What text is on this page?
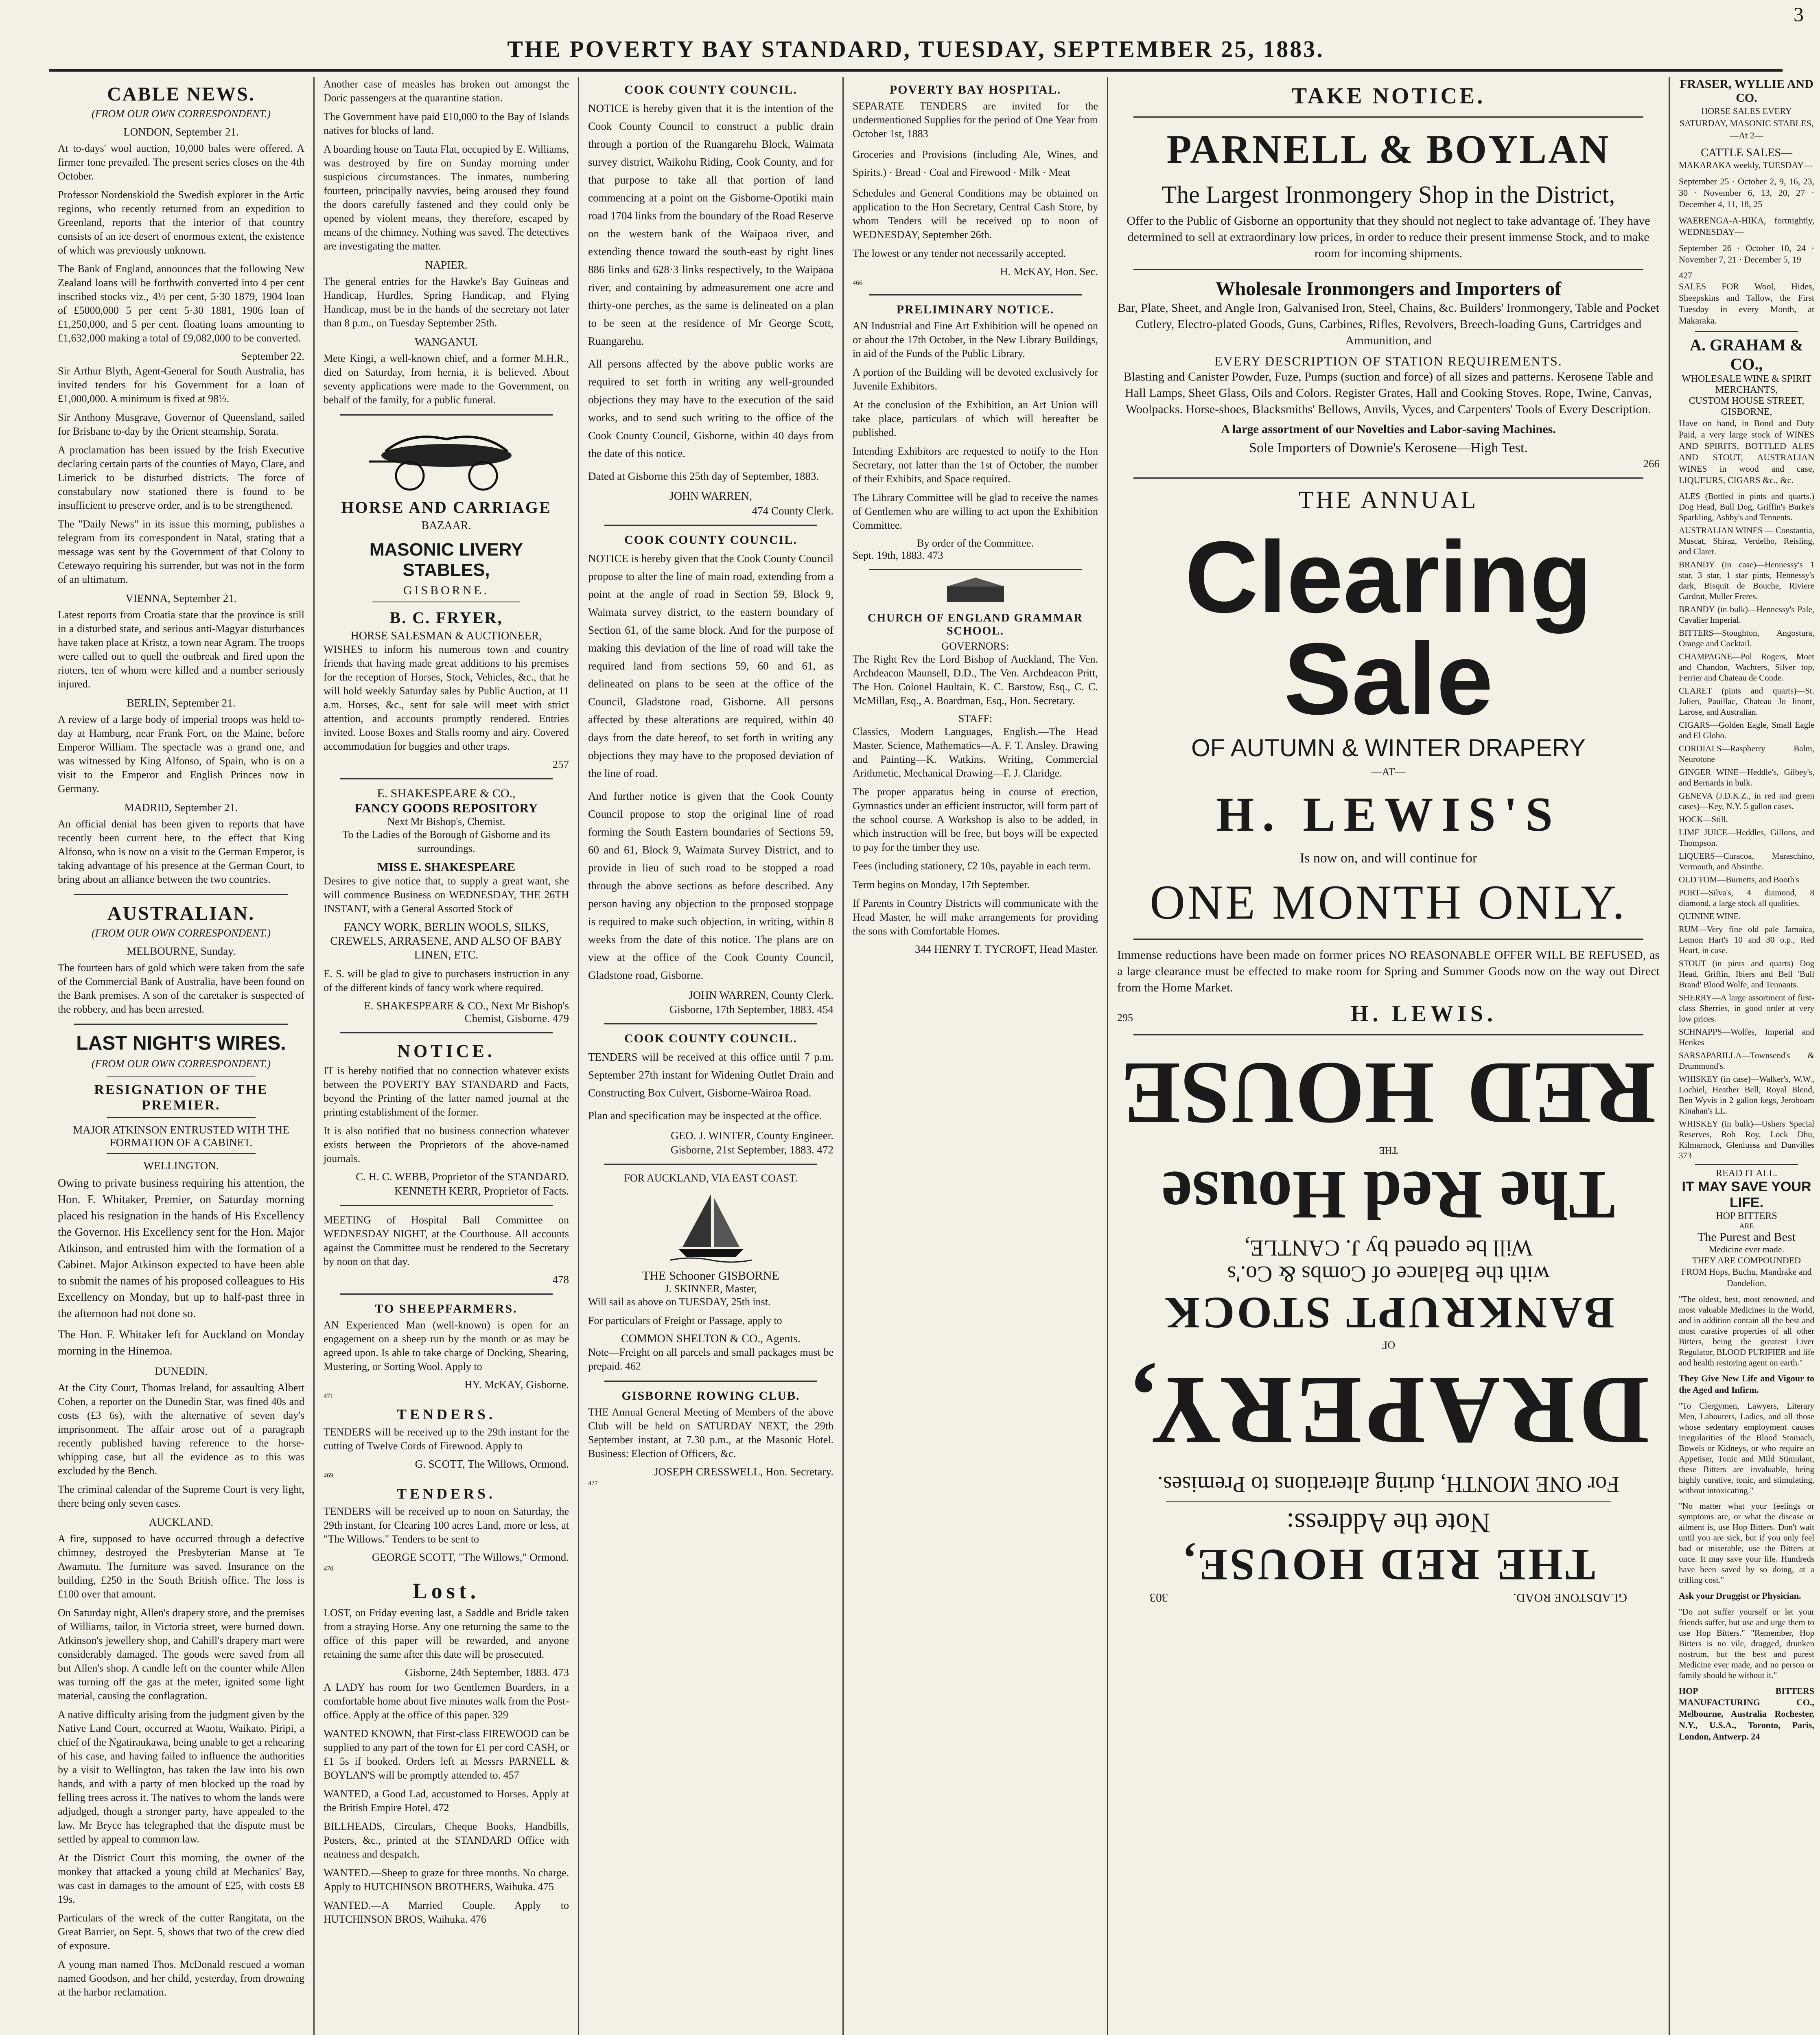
3
THE POVERTY BAY STANDARD, TUESDAY, SEPTEMBER 25, 1883.
CABLE NEWS.
(FROM OUR OWN CORRESPONDENT.)
LONDON, September 21.

At to-days' wool auction, 10,000 bales were offered. A firmer tone prevailed. The present series closes on the 4th October.

Professor Nordenskiold the Swedish explorer in the Artic regions, who recently returned from an expedition to Greenland, reports that the interior of that country consists of an ice desert of enormous extent, the existence of which was previously unknown.

The Bank of England, announces that the following New Zealand loans will be forthwith converted into 4 per cent inscribed stocks viz., 4½ per cent, 5·30 1879, 1904 loan of £5000,000 5 per cent 5·30 1881, 1906 loan of £1,250,000, and 5 per cent. floating loans amounting to £1,632,000 making a total of £9,082,000 to be converted.

September 22.

Sir Arthur Blyth, Agent-General for South Australia, has invited tenders for his Government for a loan of £1,000,000. A minimum is fixed at 98½.

Sir Anthony Musgrave, Governor of Queensland, sailed for Brisbane to-day by the Orient steamship, Sorata.

A proclamation has been issued by the Irish Executive declaring certain parts of the counties of Mayo, Clare, and Limerick to be disturbed districts. The force of constabulary now stationed there is found to be insufficient to preserve order, and is to be strengthened.

The "Daily News" in its issue this morning, publishes a telegram from its correspondent in Natal, stating that a message was sent by the Government of that Colony to Cetewayo requiring his surrender, but was not in the form of an ultimatum.

VIENNA, September 21.

Latest reports from Croatia state that the province is still in a disturbed state, and serious anti-Magyar disturbances have taken place at Kristz, a town near Agram. The troops were called out to quell the outbreak and fired upon the rioters, ten of whom were killed and a number seriously injured.

BERLIN, September 21.

A review of a large body of imperial troops was held to-day at Hamburg, near Frank Fort, on the Maine, before Emperor William. The spectacle was a grand one, and was witnessed by King Alfonso, of Spain, who is on a visit to the Emperor and English Princes now in Germany.

MADRID, September 21.

An official denial has been given to reports that have recently been current here, to the effect that King Alfonso, who is now on a visit to the German Emperor, is taking advantage of his presence at the German Court, to bring about an alliance between the two countries.

AUSTRALIAN.
(FROM OUR OWN CORRESPONDENT.)
MELBOURNE, Sunday.

The fourteen bars of gold which were taken from the safe of the Commercial Bank of Australia, have been found on the Bank premises. A son of the caretaker is suspected of the robbery, and has been arrested.

LAST NIGHT'S WIRES.
(FROM OUR OWN CORRESPONDENT.)
RESIGNATION OF THE PREMIER.
MAJOR ATKINSON ENTRUSTED WITH THE FORMATION OF A CABINET.
WELLINGTON.

Owing to private business requiring his attention, the Hon. F. Whitaker, Premier, on Saturday morning placed his resignation in the hands of His Excellency the Governor. His Excellency sent for the Hon. Major Atkinson, and entrusted him with the formation of a Cabinet. Major Atkinson expected to have been able to submit the names of his proposed colleagues to His Excellency on Monday, but up to half-past three in the afternoon had not done so.

The Hon. F. Whitaker left for Auckland on Monday morning in the Hinemoa.

DUNEDIN.

At the City Court, Thomas Ireland, for assaulting Albert Cohen, a reporter on the Dunedin Star, was fined 40s and costs (£3 6s), with the alternative of seven day's imprisonment. The affair arose out of a paragraph recently published having reference to the horse-whipping case, but all the evidence as to this was excluded by the Bench.

The criminal calendar of the Supreme Court is very light, there being only seven cases.

AUCKLAND.

A fire, supposed to have occurred through a defective chimney, destroyed the Presbyterian Manse at Te Awamutu. The furniture was saved. Insurance on the building, £250 in the South British office. The loss is £100 over that amount.

On Saturday night, Allen's drapery store, and the premises of Williams, tailor, in Victoria street, were burned down. Atkinson's jewellery shop, and Cahill's drapery mart were considerably damaged. The goods were saved from all but Allen's shop. A candle left on the counter while Allen was turning off the gas at the meter, ignited some light material, causing the conflagration.

A native difficulty arising from the judgment given by the Native Land Court, occurred at Waotu, Waikato. Piripi, a chief of the Ngatiraukawa, being unable to get a rehearing of his case, and having failed to influence the authorities by a visit to Wellington, has taken the law into his own hands, and with a party of men blocked up the road by felling trees across it. The natives to whom the lands were adjudged, though a stronger party, have appealed to the law. Mr Bryce has telegraphed that the dispute must be settled by appeal to common law.

At the District Court this morning, the owner of the monkey that attacked a young child at Mechanics' Bay, was cast in damages to the amount of £25, with costs £8 19s.

Particulars of the wreck of the cutter Rangitata, on the Great Barrier, on Sept. 5, shows that two of the crew died of exposure.

A young man named Thos. McDonald rescued a woman named Goodson, and her child, yesterday, from drowning at the harbor reclamation.

Another case of measles has broken out amongst the Doric passengers at the quarantine station.

The Government have paid £10,000 to the Bay of Islands natives for blocks of land.

A boarding house on Tauta Flat, occupied by E. Williams, was destroyed by fire on Sunday morning under suspicious circumstances. The inmates, numbering fourteen, principally navvies, being aroused they found the doors carefully fastened and they could only be opened by violent means, they therefore, escaped by means of the chimney. Nothing was saved. The detectives are investigating the matter.

NAPIER.

The general entries for the Hawke's Bay Guineas and Handicap, Hurdles, Spring Handicap, and Flying Handicap, must be in the hands of the secretary not later than 8 p.m., on Tuesday September 25th.

WANGANUI.

Mete Kingi, a well-known chief, and a former M.H.R., died on Saturday, from hernia, it is believed. About seventy applications were made to the Government, on behalf of the family, for a public funeral.

HORSE AND CARRIAGE
BAZAAR.
MASONIC LIVERY STABLES,
GISBORNE.
B. C. FRYER,
HORSE SALESMAN & AUCTIONEER,

WISHES to inform his numerous town and country friends that having made great additions to his premises for the reception of Horses, Stock, Vehicles, &c., that he will hold weekly Saturday sales by Public Auction, at 11 a.m. Horses, &c., sent for sale will meet with strict attention, and accounts promptly rendered. Entries invited. Loose Boxes and Stalls roomy and airy. Covered accommodation for buggies and other traps.

257
E. SHAKESPEARE & CO.,
FANCY GOODS REPOSITORY
Next Mr Bishop's, Chemist.

To the Ladies of the Borough of Gisborne and its surroundings.

MISS E. SHAKESPEARE

Desires to give notice that, to supply a great want, she will commence Business on WEDNESDAY, THE 26TH INSTANT, with a General Assorted Stock of

FANCY WORK, BERLIN WOOLS, SILKS, CREWELS, ARRASENE, AND ALSO OF BABY LINEN, ETC.

E. S. will be glad to give to purchasers instruction in any of the different kinds of fancy work where required.

E. SHAKESPEARE & CO., Next Mr Bishop's Chemist, Gisborne. 479
NOTICE.

IT is hereby notified that no connection whatever exists between the POVERTY BAY STANDARD and Facts, beyond the Printing of the latter named journal at the printing establishment of the former.

It is also notified that no business connection whatever exists between the Proprietors of the above-named journals.

C. H. C. WEBB, Proprietor of the STANDARD.
KENNETH KERR, Proprietor of Facts.

MEETING of Hospital Ball Committee on WEDNESDAY NIGHT, at the Courthouse. All accounts against the Committee must be rendered to the Secretary by noon on that day.

478
TO SHEEPFARMERS.

AN Experienced Man (well-known) is open for an engagement on a sheep run by the month or as may be agreed upon. Is able to take charge of Docking, Shearing, Mustering, or Sorting Wool. Apply to

HY. McKAY, Gisborne.
471
TENDERS.

TENDERS will be received up to the 29th instant for the cutting of Twelve Cords of Firewood. Apply to

G. SCOTT, The Willows, Ormond.
469
TENDERS.

TENDERS will be received up to noon on Saturday, the 29th instant, for Clearing 100 acres Land, more or less, at "The Willows." Tenders to be sent to

GEORGE SCOTT, "The Willows," Ormond.
470
Lost.

LOST, on Friday evening last, a Saddle and Bridle taken from a straying Horse. Any one returning the same to the office of this paper will be rewarded, and anyone retaining the same after this date will be prosecuted.

Gisborne, 24th September, 1883. 473

A LADY has room for two Gentlemen Boarders, in a comfortable home about five minutes walk from the Post-office. Apply at the office of this paper. 329

WANTED KNOWN, that First-class FIREWOOD can be supplied to any part of the town for £1 per cord CASH, or £1 5s if booked. Orders left at Messrs PARNELL & BOYLAN'S will be promptly attended to. 457

WANTED, a Good Lad, accustomed to Horses. Apply at the British Empire Hotel. 472

BILLHEADS, Circulars, Cheque Books, Handbills, Posters, &c., printed at the STANDARD Office with neatness and despatch.

WANTED.—Sheep to graze for three months. No charge. Apply to HUTCHINSON BROTHERS, Waihuka. 475

WANTED.—A Married Couple. Apply to HUTCHINSON BROS, Waihuka. 476

COOK COUNTY COUNCIL.

NOTICE is hereby given that it is the intention of the Cook County Council to construct a public drain through a portion of the Ruangarehu Block, Waimata survey district, Waikohu Riding, Cook County, and for that purpose to take all that portion of land commencing at a point on the Gisborne-Opotiki main road 1704 links from the boundary of the Road Reserve on the western bank of the Waipaoa river, and extending thence toward the south-east by right lines 886 links and 628·3 links respectively, to the Waipaoa river, and containing by admeasurement one acre and thirty-one perches, as the same is delineated on a plan to be seen at the residence of Mr George Scott, Ruangarehu.

All persons affected by the above public works are required to set forth in writing any well-grounded objections they may have to the execution of the said works, and to send such writing to the office of the Cook County Council, Gisborne, within 40 days from the date of this notice.

Dated at Gisborne this 25th day of September, 1883.

JOHN WARREN,
474 County Clerk.
COOK COUNTY COUNCIL.

NOTICE is hereby given that the Cook County Council propose to alter the line of main road, extending from a point at the angle of road in Section 59, Block 9, Waimata survey district, to the eastern boundary of Section 61, of the same block. And for the purpose of making this deviation of the line of road will take the required land from sections 59, 60 and 61, as delineated on plans to be seen at the office of the Council, Gladstone road, Gisborne. All persons affected by these alterations are required, within 40 days from the date hereof, to set forth in writing any objections they may have to the proposed deviation of the line of road.

And further notice is given that the Cook County Council propose to stop the original line of road forming the South Eastern boundaries of Sections 59, 60 and 61, Block 9, Waimata Survey District, and to provide in lieu of such road to be stopped a road through the above sections as before described. Any person having any objection to the proposed stoppage is required to make such objection, in writing, within 8 weeks from the date of this notice. The plans are on view at the office of the Cook County Council, Gladstone road, Gisborne.

JOHN WARREN, County Clerk.
Gisborne, 17th September, 1883. 454
COOK COUNTY COUNCIL.

TENDERS will be received at this office until 7 p.m. September 27th instant for Widening Outlet Drain and Constructing Box Culvert, Gisborne-Wairoa Road.

Plan and specification may be inspected at the office.

GEO. J. WINTER, County Engineer.
Gisborne, 21st September, 1883. 472
FOR AUCKLAND, VIA EAST COAST.
THE Schooner GISBORNE
J. SKINNER, Master,

Will sail as above on TUESDAY, 25th inst.

For particulars of Freight or Passage, apply to

COMMON SHELTON & CO., Agents.

Note—Freight on all parcels and small packages must be prepaid. 462

GISBORNE ROWING CLUB.

THE Annual General Meeting of Members of the above Club will be held on SATURDAY NEXT, the 29th September instant, at 7.30 p.m., at the Masonic Hotel. Business: Election of Officers, &c.

JOSEPH CRESSWELL, Hon. Secretary.
477
POVERTY BAY HOSPITAL.

SEPARATE TENDERS are invited for the undermentioned Supplies for the period of One Year from October 1st, 1883

Groceries and Provisions (including Ale, Wines, and Spirits.) · Bread · Coal and Firewood · Milk · Meat

Schedules and General Conditions may be obtained on application to the Hon Secretary, Central Cash Store, by whom Tenders will be received up to noon of WEDNESDAY, September 26th.

The lowest or any tender not necessarily accepted.

H. McKAY, Hon. Sec.
466
PRELIMINARY NOTICE.

AN Industrial and Fine Art Exhibition will be opened on or about the 17th October, in the New Library Buildings, in aid of the Funds of the Public Library.

A portion of the Building will be devoted exclusively for Juvenile Exhibitors.

At the conclusion of the Exhibition, an Art Union will take place, particulars of which will hereafter be published.

Intending Exhibitors are requested to notify to the Hon Secretary, not latter than the 1st of October, the number of their Exhibits, and Space required.

The Library Committee will be glad to receive the names of Gentlemen who are willing to act upon the Exhibition Committee.

By order of the Committee.
Sept. 19th, 1883. 473
CHURCH OF ENGLAND GRAMMAR SCHOOL.
GOVERNORS:

The Right Rev the Lord Bishop of Auckland, The Ven. Archdeacon Maunsell, D.D., The Ven. Archdeacon Pritt, The Hon. Colonel Haultain, K. C. Barstow, Esq., C. C. McMillan, Esq., A. Boardman, Esq., Hon. Secretary.

STAFF:

Classics, Modern Languages, English.—The Head Master. Science, Mathematics—A. F. T. Ansley. Drawing and Painting—K. Watkins. Writing, Commercial Arithmetic, Mechanical Drawing—F. J. Claridge.

The proper apparatus being in course of erection, Gymnastics under an efficient instructor, will form part of the school course. A Workshop is also to be added, in which instruction will be free, but boys will be expected to pay for the timber they use.

Fees (including stationery, £2 10s, payable in each term.

Term begins on Monday, 17th September.

If Parents in Country Districts will communicate with the Head Master, he will make arrangements for providing the sons with Comfortable Homes.

344 HENRY T. TYCROFT, Head Master.
TAKE NOTICE.
PARNELL & BOYLAN
The Largest Ironmongery Shop in the District,

Offer to the Public of Gisborne an opportunity that they should not neglect to take advantage of. They have determined to sell at extraordinary low prices, in order to reduce their present immense Stock, and to make room for incoming shipments.

Wholesale Ironmongers and Importers of

Bar, Plate, Sheet, and Angle Iron, Galvanised Iron, Steel, Chains, &c. Builders' Ironmongery, Table and Pocket Cutlery, Electro-plated Goods, Guns, Carbines, Rifles, Revolvers, Breech-loading Guns, Cartridges and Ammunition, and

EVERY DESCRIPTION OF STATION REQUIREMENTS.

Blasting and Canister Powder, Fuze, Pumps (suction and force) of all sizes and patterns. Kerosene Table and Hall Lamps, Sheet Glass, Oils and Colors. Register Grates, Hall and Cooking Stoves. Rope, Twine, Canvas, Woolpacks. Horse-shoes, Blacksmiths' Bellows, Anvils, Vyces, and Carpenters' Tools of Every Description.

A large assortment of our Novelties and Labor-saving Machines.
Sole Importers of Downie's Kerosene—High Test.
266
THE ANNUAL
Clearing Sale
OF AUTUMN & WINTER DRAPERY
—AT—
H. LEWIS'S
Is now on, and will continue for
ONE MONTH ONLY.

Immense reductions have been made on former prices NO REASONABLE OFFER WILL BE REFUSED, as a large clearance must be effected to make room for Spring and Summer Goods now on the way out Direct from the Home Market.

295	H. LEWIS.
GLADSTONE ROAD.
303
THE RED HOUSE,
Note the Address:
For ONE MONTH, during alterations to Premises.
DRAPERY,
OF
BANKRUPT STOCK
with the Balance of Combs & Co.'s
Will be opened by J. CANTLE,
The Red House
THE
RED
HOUSE
FRASER, WYLLIE AND CO.

HORSE SALES EVERY SATURDAY, MASONIC STABLES, —At 2—

CATTLE SALES—

MAKARAKA weekly, TUESDAY—

September 25 · October 2, 9, 16, 23, 30 · November 6, 13, 20, 27 · December 4, 11, 18, 25

WAERENGA-A-HIKA, fortnightly, WEDNESDAY—

September 26 · October 10, 24 · November 7, 21 · December 5, 19

427

SALES FOR Wool, Hides, Sheepskins and Tallow, the First Tuesday in every Month, at Makaraka.

A. GRAHAM & CO.,
WHOLESALE WINE & SPIRIT MERCHANTS,
CUSTOM HOUSE STREET, GISBORNE,

Have on hand, in Bond and Duty Paid, a very large stock of WINES AND SPIRITS, BOTTLED ALES AND STOUT, AUSTRALIAN WINES in wood and case, LIQUEURS, CIGARS &c., &c.

ALES (Bottled in pints and quarts.) Dog Head, Bull Dog, Griffin's Burke's Sparkling, Ashby's and Tennents.

AUSTRALIAN WINES — Constantia, Muscat, Shiraz, Verdelho, Reisling, and Claret.

BRANDY (in case)—Hennessy's 1 star, 3 star, 1 star pints, Hennessy's dark, Bisquit de Bouche, Riviere Gardrat, Muller Freres.

BRANDY (in bulk)—Hennessy's Pale, Cavalier Imperial.

BITTERS—Stoughton, Angostura, Orange and Cocktail.

CHAMPAGNE—Pol Rogers, Moet and Chandon, Wachters, Silver top, Ferrier and Chateau de Conde.

CLARET (pints and quarts)—St. Julien, Pauillac, Chateau Jo linont, Larose, and Australian.

CIGARS—Golden Eagle, Small Eagle and El Globo.

CORDIALS—Raspberry Balm, Neurotone

GINGER WINE—Heddle's, Gilbey's, and Bernards in bulk.

GENEVA (J.D.K.Z., in red and green cases)—Key, N.Y. 5 gallon cases.

HOCK—Still.

LIME JUICE—Heddles, Gillons, and Thompson.

LIQUERS—Curacoa, Maraschino, Vermouth, and Absinthe.

OLD TOM—Burnetts, and Booth's

PORT—Silva's, 4 diamond, 8 diamond, a large stock all qualities.

QUININE WINE.

RUM—Very fine old pale Jamaica, Lemon Hart's 10 and 30 o.p., Red Heart, in case.

STOUT (in pints and quarts) Dog Head, Griffin, Ibiers and Bell 'Bull Brand' Blood Wolfe, and Tennants.

SHERRY—A large assortment of first-class Sherries, in good order at very low prices.

SCHNAPPS—Wolfes, Imperial and Henkes

SARSAPARILLA—Townsend's & Drummond's.

WHISKEY (in case)—Walker's, W.W., Lochiel, Heather Bell, Royal Blend, Ben Wyvis in 2 gallon kegs, Jeroboam Kinahan's LL.

WHISKEY (in bulk)—Ushers Special Reserves, Rob Roy, Lock Dhu, Kilmarnock, Glenlussa and Dunvilles 373

READ IT ALL.
IT MAY SAVE YOUR LIFE.
HOP BITTERS
ARE
The Purest and Best
Medicine ever made.

THEY ARE COMPOUNDED FROM Hops, Buchu, Mandrake and Dandelion.

"The oldest, best, most renowned, and most valuable Medicines in the World, and in addition contain all the best and most curative properties of all other Bitters, being the greatest Liver Regulator, BLOOD PURIFIER and life and health restoring agent on earth."

They Give New Life and Vigour to the Aged and Infirm.

"To Clergymen, Lawyers, Literary Men, Labourers, Ladies, and all those whose sedentary employment causes irregularities of the Blood Stomach, Bowels or Kidneys, or who require an Appetiser, Tonic and Mild Stimulant, these Bitters are invaluable, being highly curative, tonic, and stimulating, without intoxicating."

"No matter what your feelings or symptoms are, or what the disease or ailment is, use Hop Bitters. Don't wait until you are sick, but if you only feel bad or miserable, use the Bitters at once. It may save your life. Hundreds have been saved by so doing, at a trifling cost."

Ask your Druggist or Physician.

"Do not suffer yourself or let your friends suffer, but use and urge them to use Hop Bitters." "Remember, Hop Bitters is no vile, drugged, drunken nostrum, but the best and purest Medicine ever made, and no person or family should be without it."

HOP BITTERS MANUFACTURING CO., Melbourne, Australia Rochester, N.Y., U.S.A., Toronto, Paris, London, Antwerp. 24
